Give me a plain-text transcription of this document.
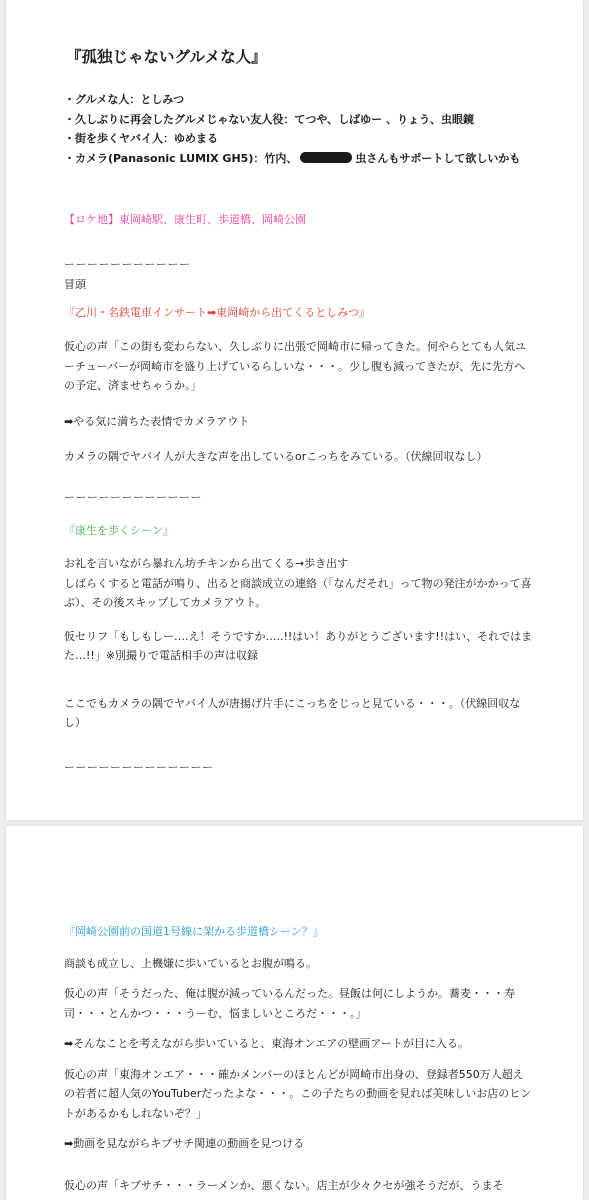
『孤独じゃないグルメな人』

・グルメな人：としみつ
・久しぶりに再会したグルメじゃない友人役：てつや、しばゆー 、りょう、虫眼鏡
・街を歩くヤバイ人：ゆめまる
・カメラ(Panasonic LUMIX GH5)：竹内、	虫さんもサポートして欲しいかも

【ロケ地】東岡崎駅、康生町、歩道橋、岡崎公園

ーーーーーーーーーーー

冒頭

『乙川・名鉄電車インサート➡東岡崎から出てくるとしみつ』

仮心の声「この街も変わらない、久しぶりに出張で岡崎市に帰ってきた。何やらとても人気ユーチューバーが岡崎市を盛り上げているらしいな・・・。少し腹も減ってきたが、先に先方への予定、済ませちゃうか。」

➡やる気に満ちた表情でカメラアウト

カメラの隅でヤバイ人が大きな声を出しているorこっちをみている。（伏線回収なし）

ーーーーーーーーーーーー

『康生を歩くシーン』

お礼を言いながら暴れん坊チキンから出てくる→歩き出す
しばらくすると電話が鳴り、出ると商談成立の連絡（「なんだそれ」って物の発注がかかって喜ぶ）、その後スキップしてカメラアウト。

仮セリフ「もしもしー….え！そうですか…..!!はい！ありがとうございます!!はい、それではまた…!!」※別撮りで電話相手の声は収録

ここでもカメラの隅でヤバイ人が唐揚げ片手にこっちをじっと見ている・・・。（伏線回収なし）

ーーーーーーーーーーーーー

『岡崎公園前の国道1号線に架かる歩道橋シーン？』

商談も成立し、上機嫌に歩いているとお腹が鳴る。

仮心の声「そうだった、俺は腹が減っているんだった。昼飯は何にしようか。蕎麦・・・寿司・・・とんかつ・・・うーむ、悩ましいところだ・・・。」

➡そんなことを考えながら歩いていると、東海オンエアの壁画アートが目に入る。

仮心の声「東海オンエア・・・確かメンバーのほとんどが岡崎市出身の、登録者550万人超えの若者に超人気のYouTuberだったよな・・・。この子たちの動画を見れば美味しいお店のヒントがあるかもしれないぞ？」

➡動画を見ながらキブサチ関連の動画を見つける

仮心の声「キブサチ・・・ラーメンか、悪くない。店主が少々クセが強そうだが、うまそ
